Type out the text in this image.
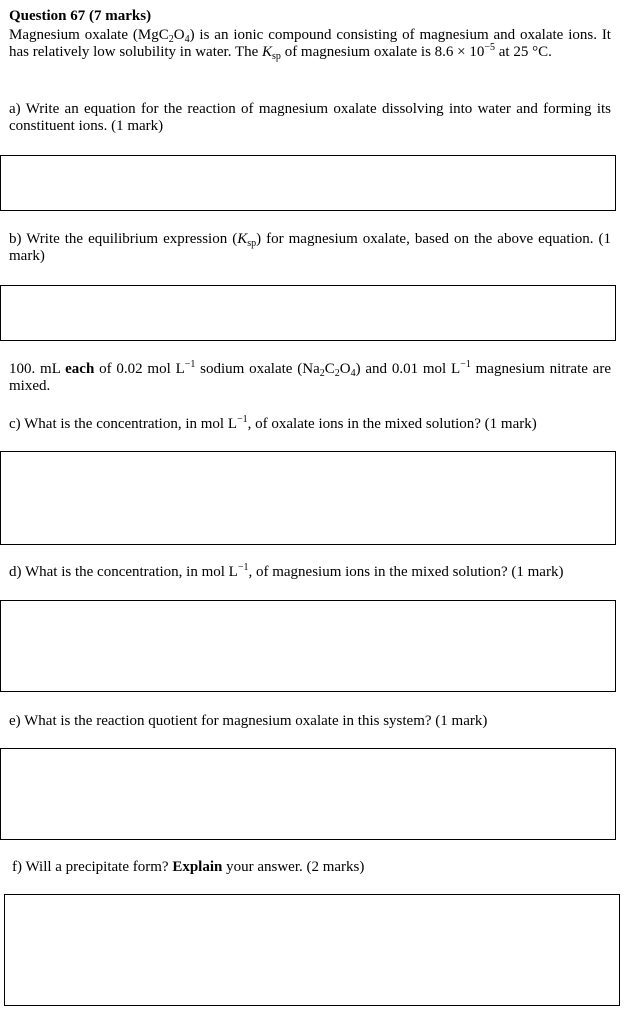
Question 67 (7 marks)
Magnesium oxalate $(MgC_2O_4)$ is an ionic compound consisting of magnesium and oxalate ions. It has relatively low solubility in water. The $K_{sp}$ of magnesium oxalate is $8.6 \times 10^{-5}$ at 25 °C.
a) Write an equation for the reaction of magnesium oxalate dissolving into water and forming its constituent ions. (1 mark)
b) Write the equilibrium expression $(K_{sp})$ for magnesium oxalate, based on the above equation. (1 mark)
100. mL each of 0.02 mol $L^{-1}$ sodium oxalate $(Na_2C_2O_4)$ and 0.01 mol $L^{-1}$ magnesium nitrate are mixed.
c) What is the concentration, in mol $L^{-1}$, of oxalate ions in the mixed solution? (1 mark)
d) What is the concentration, in mol $L^{-1}$, of magnesium ions in the mixed solution? (1 mark)
e) What is the reaction quotient for magnesium oxalate in this system? (1 mark)
f) Will a precipitate form? Explain your answer. (2 marks)
